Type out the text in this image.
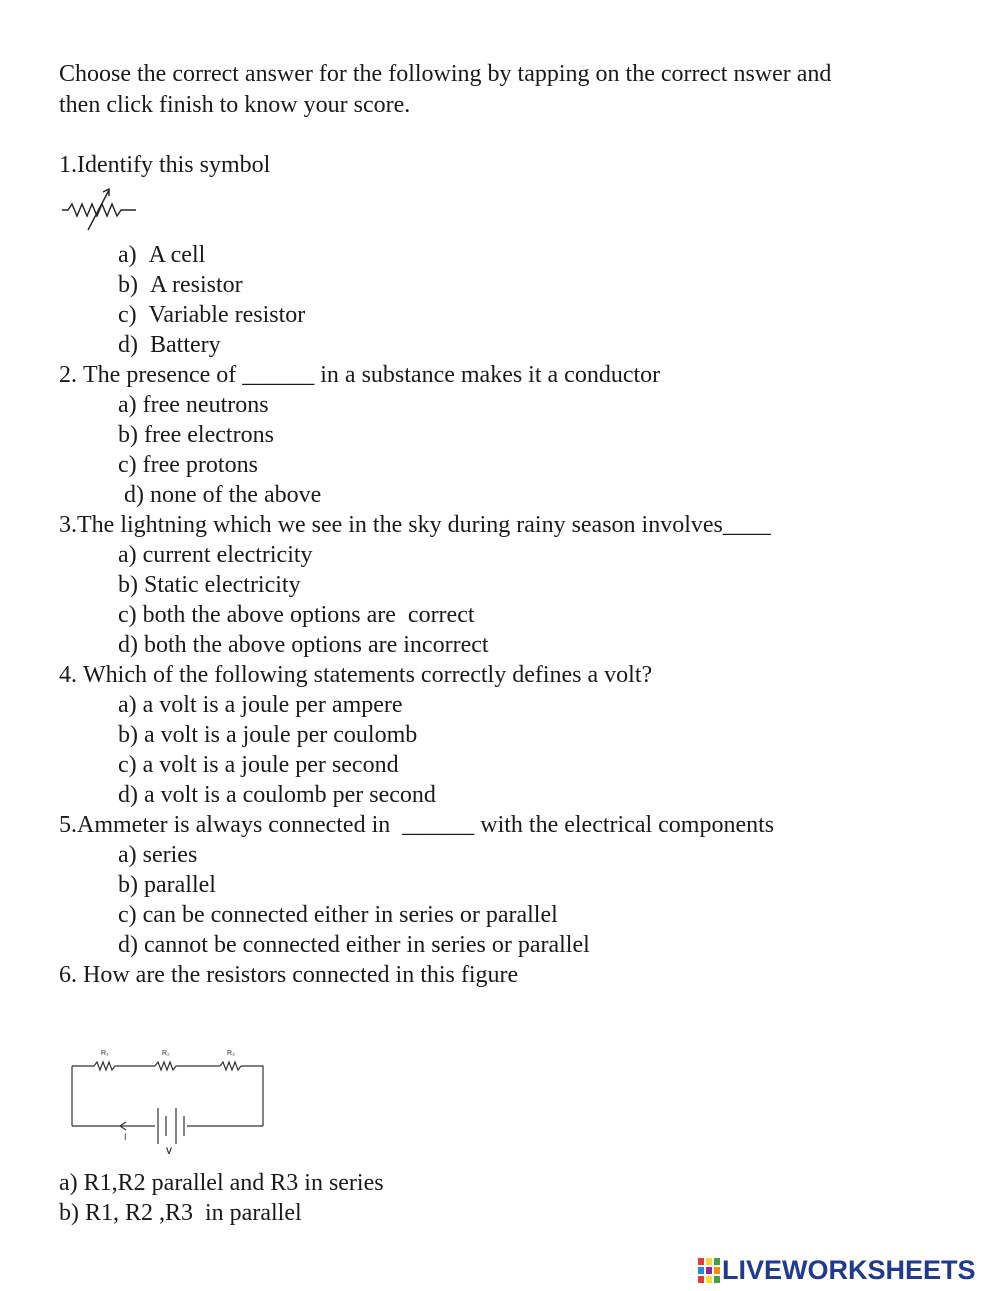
Choose the correct answer for the following by tapping on the correct nswer and
then click finish to know your score.
1.Identify this symbol
a)  A cell
b)  A resistor
c)  Variable resistor
d)  Battery
2. The presence of ______ in a substance makes it a conductor
a) free neutrons
b) free electrons
c) free protons
d) none of the above
3.The lightning which we see in the sky during rainy season involves____
a) current electricity
b) Static electricity
c) both the above options are  correct
d) both the above options are incorrect
4. Which of the following statements correctly defines a volt?
a) a volt is a joule per ampere
b) a volt is a joule per coulomb
c) a volt is a joule per second
d) a volt is a coulomb per second
5.Ammeter is always connected in  ______ with the electrical components
a) series
b) parallel
c) can be connected either in series or parallel
d) cannot be connected either in series or parallel
6. How are the resistors connected in this figure
R₁	R₂	R₃
I
V
a) R1,R2 parallel and R3 in series
b) R1, R2 ,R3  in parallel
LIVEWORKSHEETS
